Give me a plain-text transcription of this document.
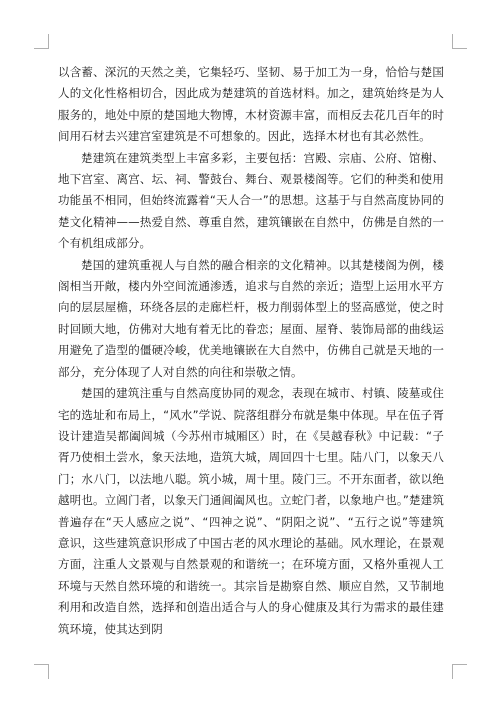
以含蓄、深沉的天然之美，它集轻巧、坚韧、易于加工为一身，恰恰与楚国人的文化性格相切合，因此成为楚建筑的首选材料。加之，建筑始终是为人服务的，地处中原的楚国地大物博，木材资源丰富，而相反去花几百年的时间用石材去兴建宫室建筑是不可想象的。因此，选择木材也有其必然性。

楚建筑在建筑类型上丰富多彩，主要包括：宫殿、宗庙、公府、馆榭、地下宫室、离宫、坛、祠、警鼓台、舞台、观景楼阁等。它们的种类和使用功能虽不相同，但始终流露着“天人合一”的思想。这基于与自然高度协同的楚文化精神——热爱自然、尊重自然，建筑镶嵌在自然中，仿佛是自然的一个有机组成部分。

楚国的建筑重视人与自然的融合相亲的文化精神。以其楚楼阁为例，楼阁相当开敞，楼内外空间流通渗透，追求与自然的亲近；造型上运用水平方向的层层屋檐，环绕各层的走廊栏杆，极力削弱体型上的竖高感觉，使之时时回顾大地，仿佛对大地有着无比的眷恋；屋面、屋脊、装饰局部的曲线运用避免了造型的僵硬冷峻，优美地镶嵌在大自然中，仿佛自己就是天地的一部分，充分体现了人对自然的向往和崇敬之情。

楚国的建筑注重与自然高度协同的观念，表现在城市、村镇、陵墓或住宅的选址和布局上，“风水”学说、院落组群分布就是集中体现。早在伍子胥设计建造吴都阖闾城（今苏州市城厢区）时，在《吴越春秋》中记载：“子胥乃使相土尝水，象天法地，造筑大城，周回四十七里。陆八门，以象天八门；水八门，以法地八聪。筑小城，周十里。陵门三。不开东面者，欲以绝越明也。立阊门者，以象天门通阊阖风也。立蛇门者，以象地户也。”楚建筑普遍存在“天人感应之说”、“四神之说”、“阴阳之说”、“五行之说”等建筑意识，这些建筑意识形成了中国古老的风水理论的基础。风水理论，在景观方面，注重人文景观与自然景观的和谐统一；在环境方面，又格外重视人工环境与天然自然环境的和谐统一。其宗旨是勘察自然、顺应自然，又节制地利用和改造自然，选择和创造出适合与人的身心健康及其行为需求的最佳建筑环境，使其达到阴
